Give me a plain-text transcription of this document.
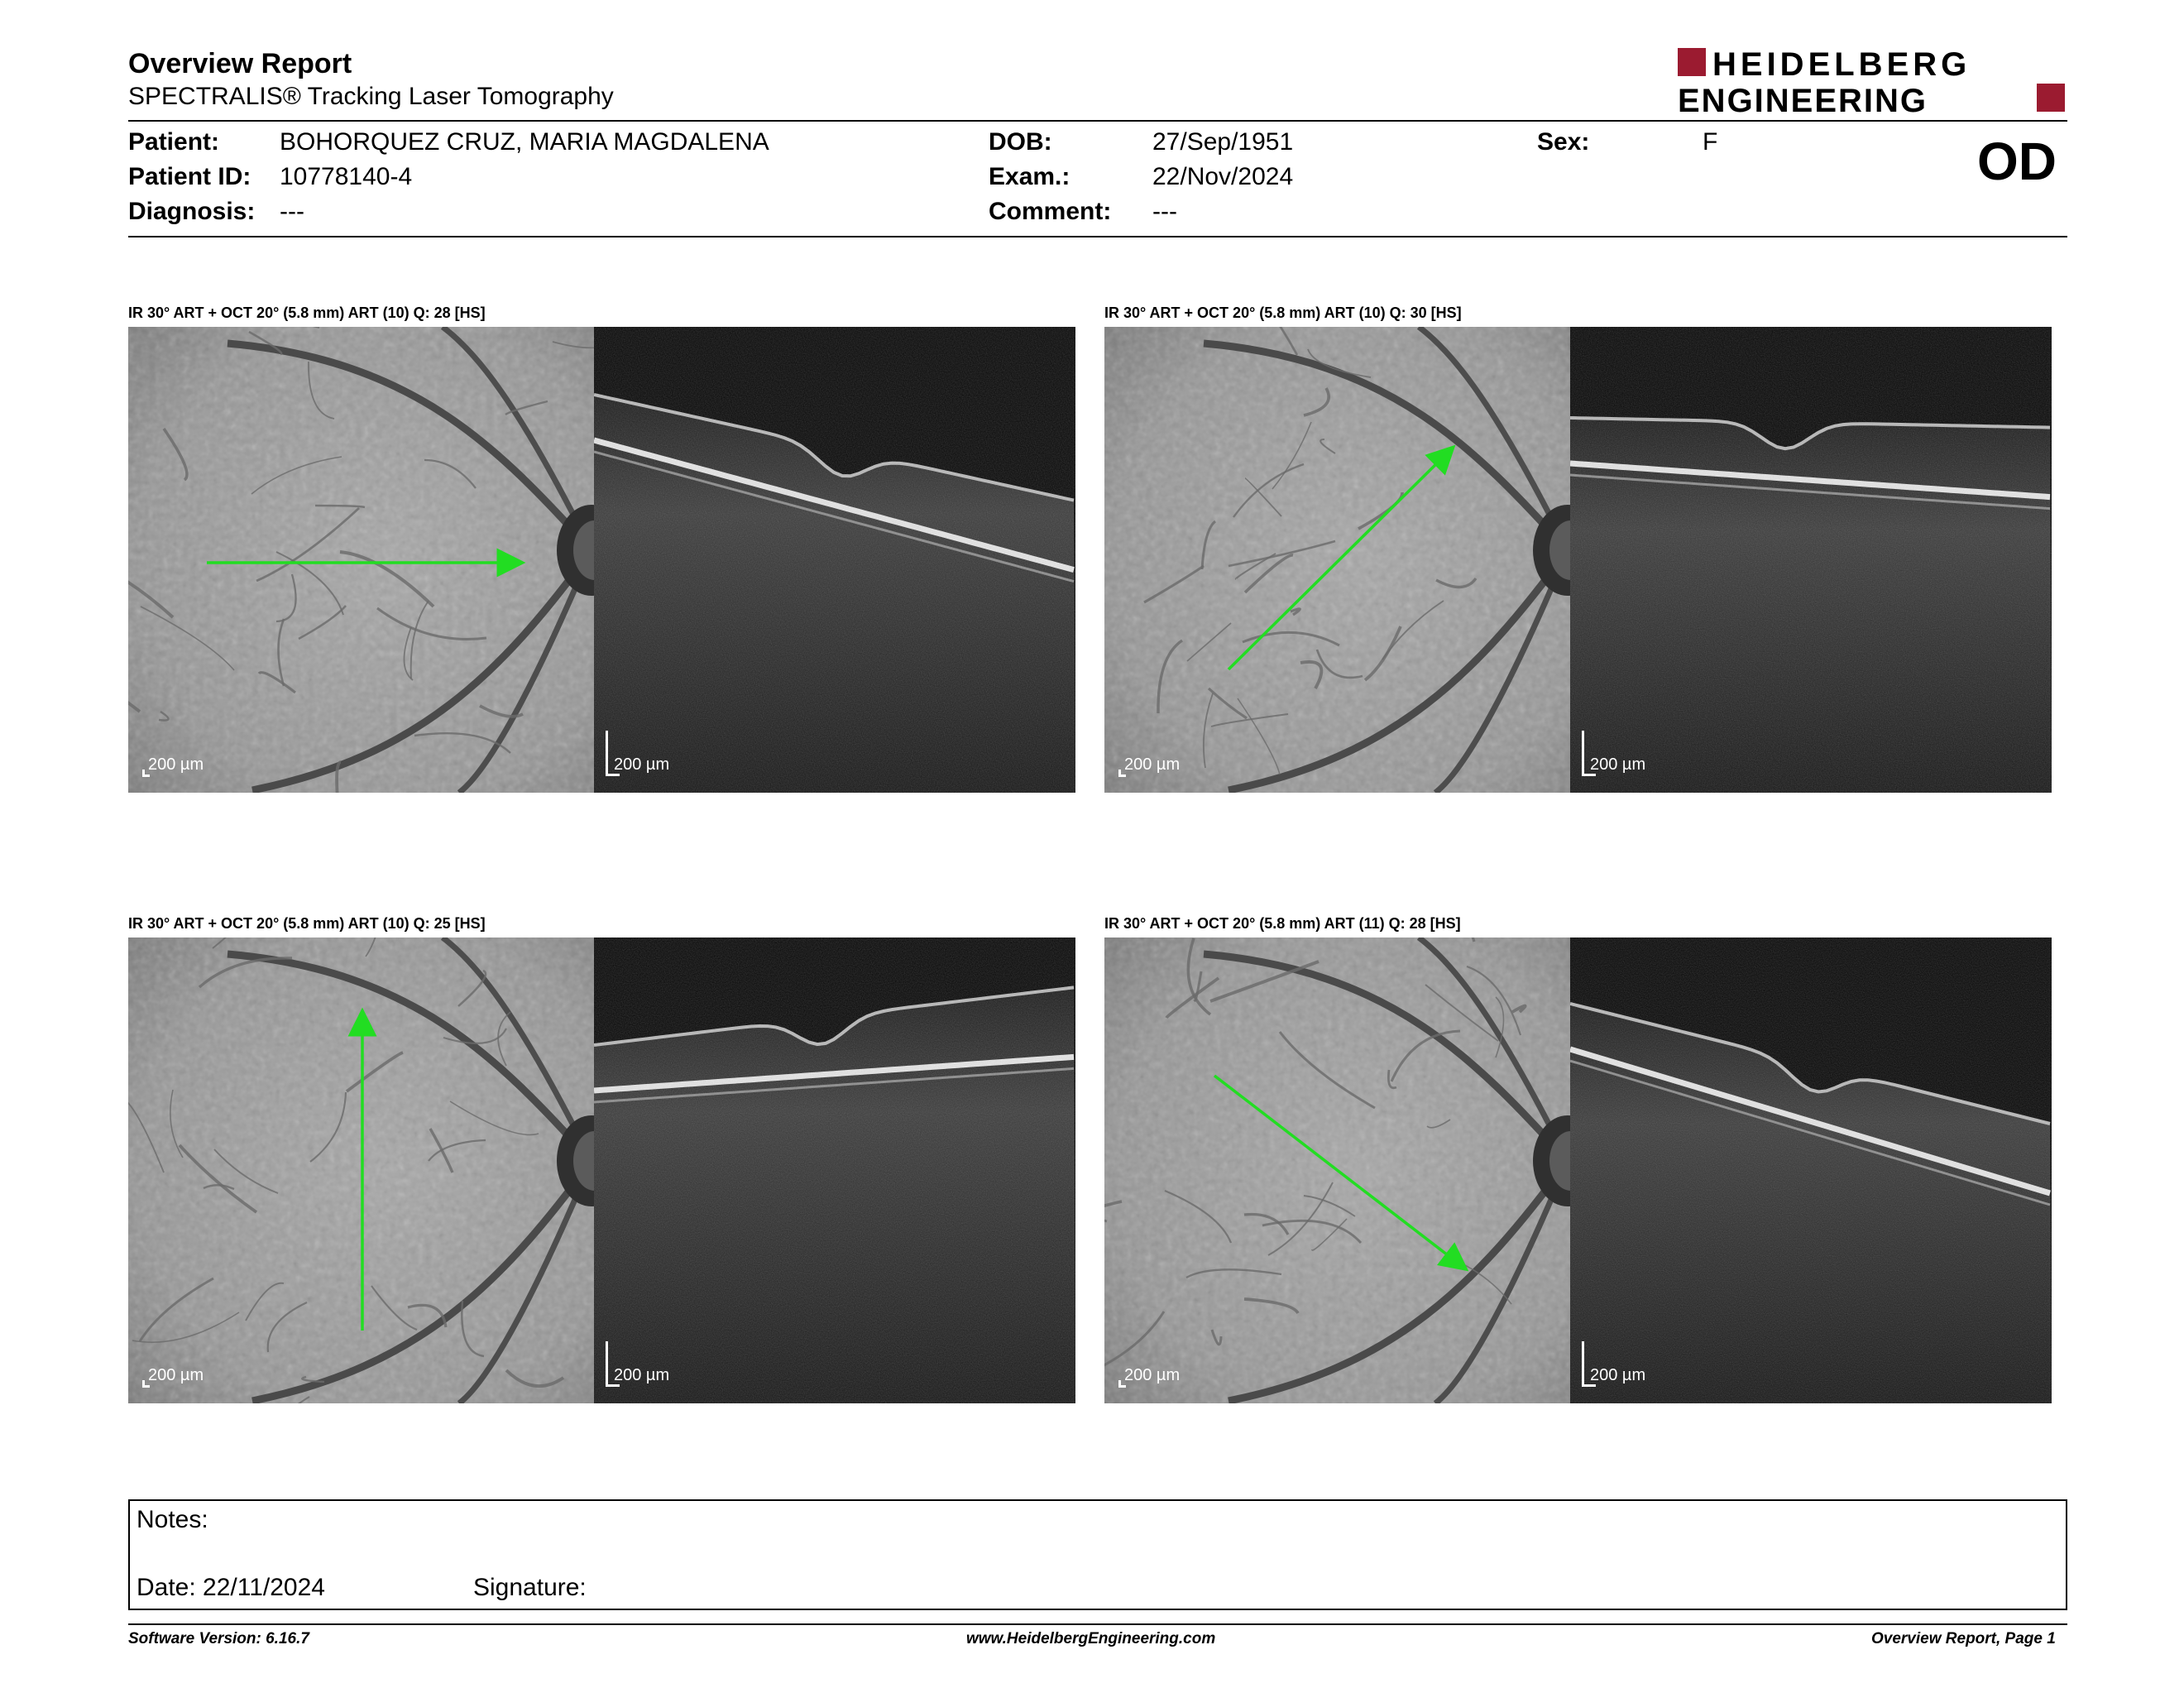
Overview Report
SPECTRALIS® Tracking Laser Tomography
HEIDELBERG
ENGINEERING
Patient: BOHORQUEZ CRUZ, MARIA MAGDALENA
Patient ID: 10778140-4
Diagnosis: ---
DOB:	27/Sep/1951
Exam.:	22/Nov/2024
Comment: ---
Sex:	F	OD
IR 30° ART + OCT 20° (5.8 mm) ART (10) Q: 28 [HS]
200 µm	200 µm
IR 30° ART + OCT 20° (5.8 mm) ART (10) Q: 30 [HS]
200 µm	200 µm
IR 30° ART + OCT 20° (5.8 mm) ART (10) Q: 25 [HS]
200 µm	200 µm
IR 30° ART + OCT 20° (5.8 mm) ART (11) Q: 28 [HS]
200 µm	200 µm
Notes:
Date: 22/11/2024	Signature:
Software Version: 6.16.7	www.HeidelbergEngineering.com	Overview Report, Page 1
